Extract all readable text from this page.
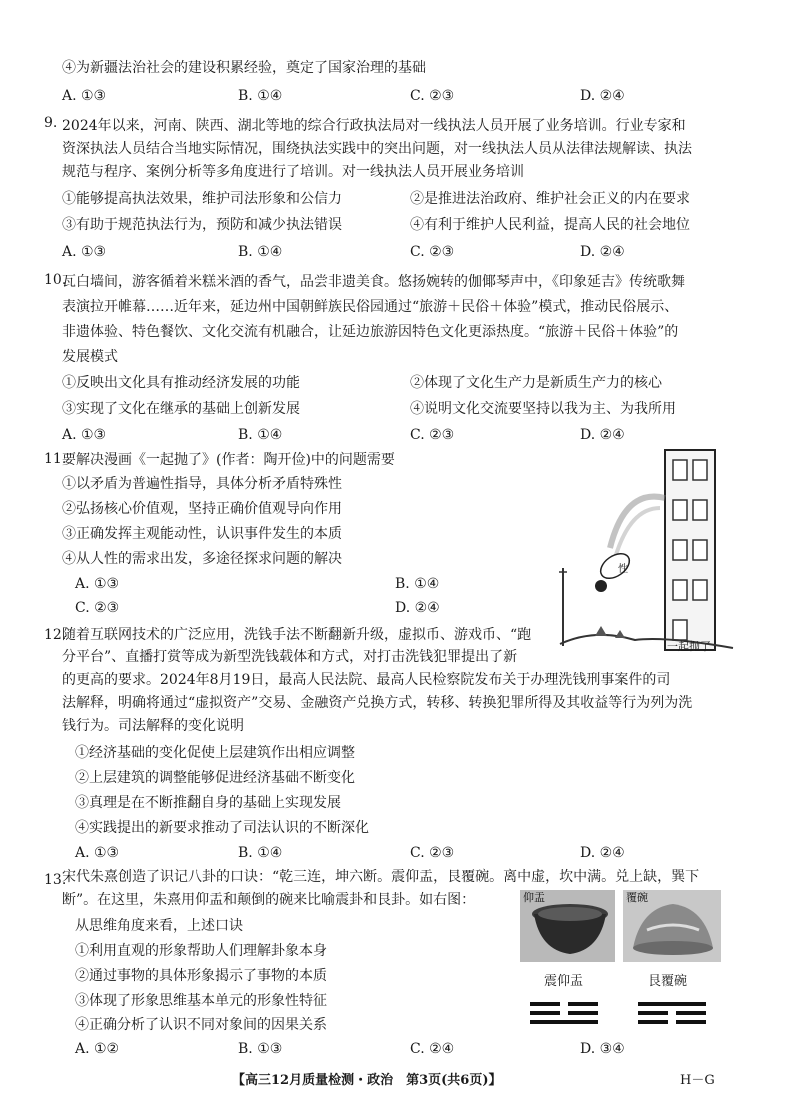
④为新疆法治社会的建设积累经验，奠定了国家治理的基础
A. ①③	B. ①④	C. ②③	D. ②④
9. 2024年以来，河南、陕西、湖北等地的综合行政执法局对一线执法人员开展了业务培训。行业专家和
资深执法人员结合当地实际情况，围绕执法实践中的突出问题，对一线执法人员从法律法规解读、执法
规范与程序、案例分析等多角度进行了培训。对一线执法人员开展业务培训
①能够提高执法效果，维护司法形象和公信力	②是推进法治政府、维护社会正义的内在要求
③有助于规范执法行为，预防和减少执法错误	④有利于维护人民利益，提高人民的社会地位
A. ①③	B. ①④	C. ②③	D. ②④
10.
瓦白墙间，游客循着米糕米酒的香气，品尝非遗美食。悠扬婉转的伽倻琴声中，《印象延吉》传统歌舞
表演拉开帷幕……近年来，延边州中国朝鲜族民俗园通过“旅游＋民俗＋体验”模式，推动民俗展示、
非遗体验、特色餐饮、文化交流有机融合，让延边旅游因特色文化更添热度。“旅游＋民俗＋体验”的
发展模式
①反映出文化具有推动经济发展的功能	②体现了文化生产力是新质生产力的核心
③实现了文化在继承的基础上创新发展	④说明文化交流要坚持以我为主、为我所用
A. ①③	B. ①④	C. ②③	D. ②④
11.
要解决漫画《一起抛了》(作者：陶开俭)中的问题需要
①以矛盾为普遍性指导，具体分析矛盾特殊性
②弘扬核心价值观，坚持正确价值观导向作用
③正确发挥主观能动性，认识事件发生的本质
④从人性的需求出发，多途径探求问题的解决
A. ①③	B. ①④
C. ②③	D. ②④
性
一起抛了
12.
随着互联网技术的广泛应用，洗钱手法不断翻新升级，虚拟币、游戏币、“跑
分平台”、直播打赏等成为新型洗钱载体和方式，对打击洗钱犯罪提出了新
的更高的要求。2024年8月19日，最高人民法院、最高人民检察院发布关于办理洗钱刑事案件的司
法解释，明确将通过“虚拟资产”交易、金融资产兑换方式，转移、转换犯罪所得及其收益等行为列为洗
钱行为。司法解释的变化说明
①经济基础的变化促使上层建筑作出相应调整
②上层建筑的调整能够促进经济基础不断变化
③真理是在不断推翻自身的基础上实现发展
④实践提出的新要求推动了司法认识的不断深化
A. ①③	B. ①④	C. ②③	D. ②④
13.
宋代朱熹创造了识记八卦的口诀：“乾三连，坤六断。震仰盂，艮覆碗。离中虚，坎中满。兑上缺，巽下
断”。在这里，朱熹用仰盂和颠倒的碗来比喻震卦和艮卦。如右图：
从思维角度来看，上述口诀
①利用直观的形象帮助人们理解卦象本身
②通过事物的具体形象揭示了事物的本质
③体现了形象思维基本单元的形象性特征
④正确分析了认识不同对象间的因果关系
A. ①②	B. ①③	C. ②④	D. ③④
仰盂	覆碗
震仰盂	艮覆碗
【高三12月质量检测・政治　第3页(共6页)】	H－G
